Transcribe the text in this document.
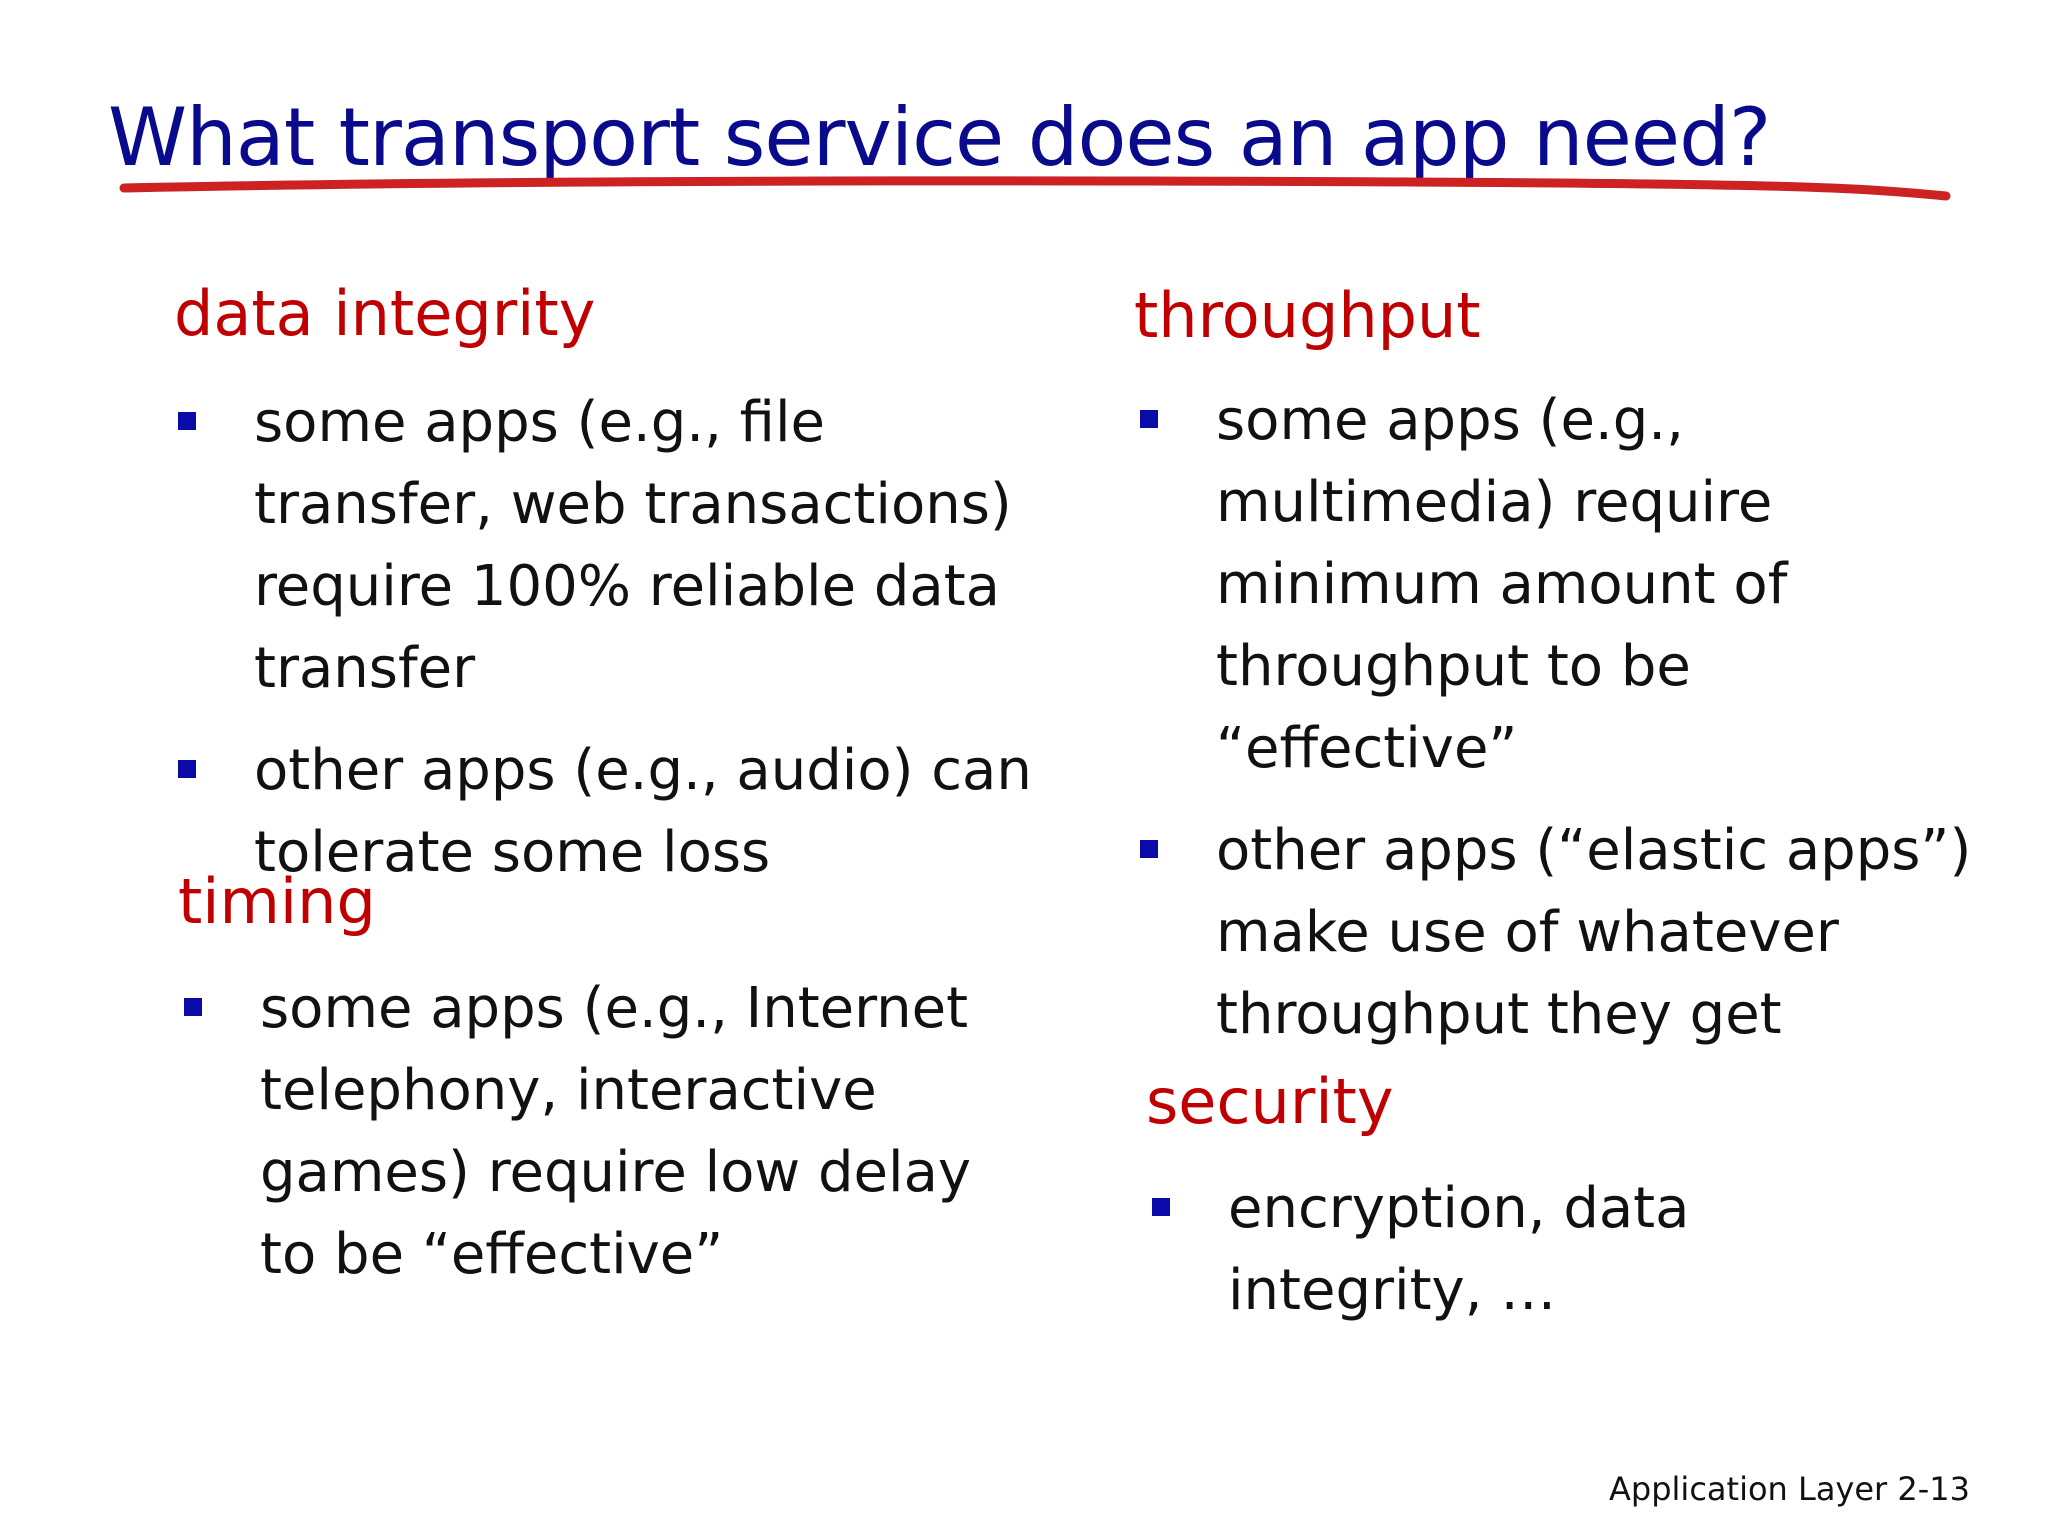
What transport service does an app need?
data integrity
some apps (e.g., file transfer, web transactions) require 100% reliable data transfer
other apps (e.g., audio) can tolerate some loss
timing
some apps (e.g., Internet telephony, interactive games) require low delay to be “effective”
throughput
some apps (e.g., multimedia) require minimum amount of throughput to be “effective”
other apps (“elastic apps”) make use of whatever throughput they get
security
encryption, data integrity, …
Application Layer 2-13
